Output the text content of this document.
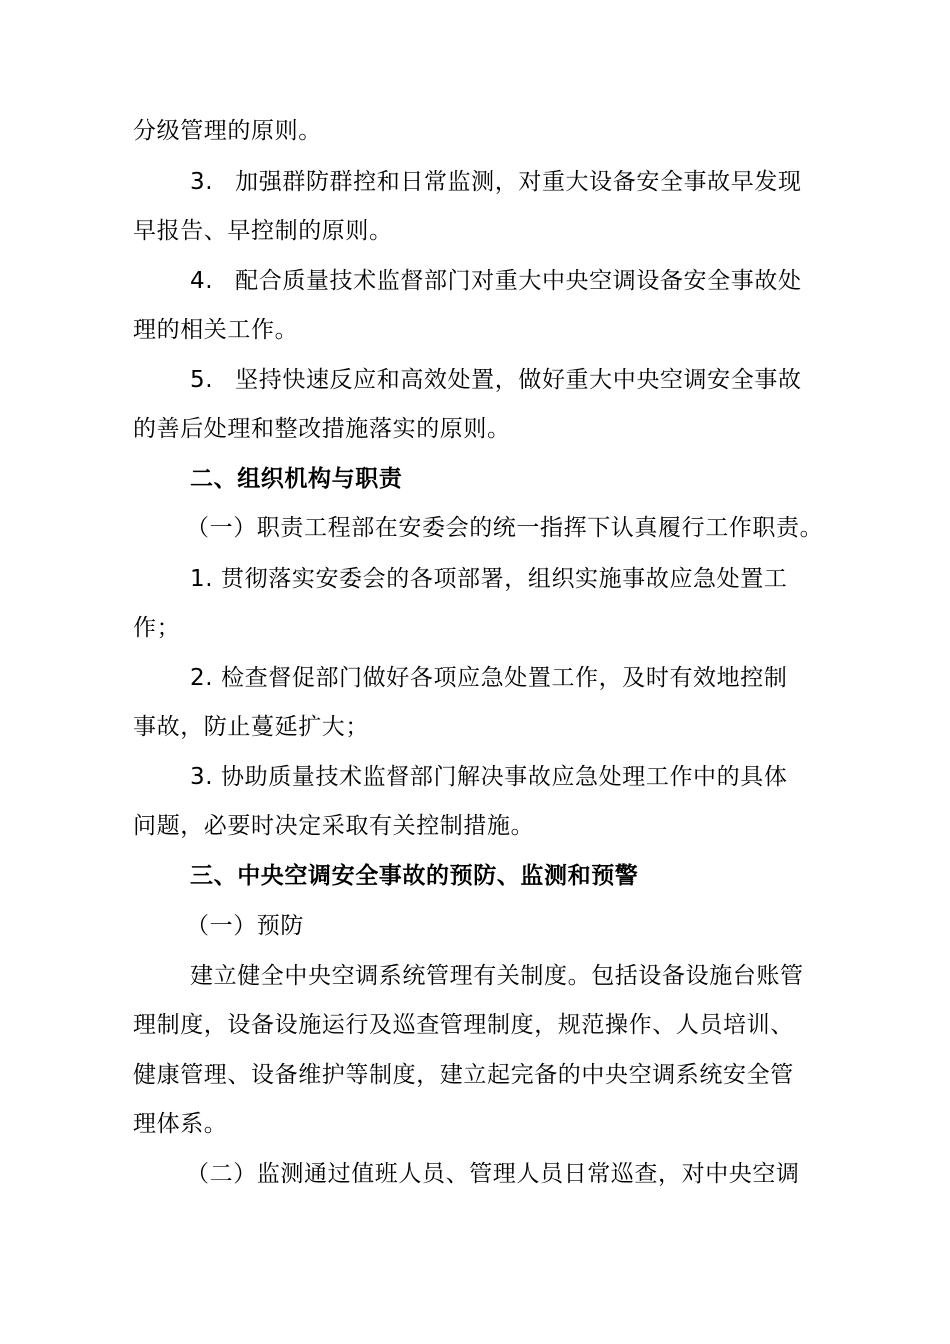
分级管理的原则。
3. 加强群防群控和日常监测，对重大设备安全事故早发现
早报告、早控制的原则。
4. 配合质量技术监督部门对重大中央空调设备安全事故处
理的相关工作。
5. 坚持快速反应和高效处置，做好重大中央空调安全事故
的善后处理和整改措施落实的原则。
二、组织机构与职责
（一）职责工程部在安委会的统一指挥下认真履行工作职责。
1. 贯彻落实安委会的各项部署，组织实施事故应急处置工
作；
2. 检查督促部门做好各项应急处置工作，及时有效地控制
事故，防止蔓延扩大；
3. 协助质量技术监督部门解决事故应急处理工作中的具体
问题，必要时决定采取有关控制措施。
三、中央空调安全事故的预防、监测和预警
（一）预防
建立健全中央空调系统管理有关制度。包括设备设施台账管
理制度，设备设施运行及巡查管理制度，规范操作、人员培训、
健康管理、设备维护等制度，建立起完备的中央空调系统安全管
理体系。
（二）监测通过值班人员、管理人员日常巡查，对中央空调
